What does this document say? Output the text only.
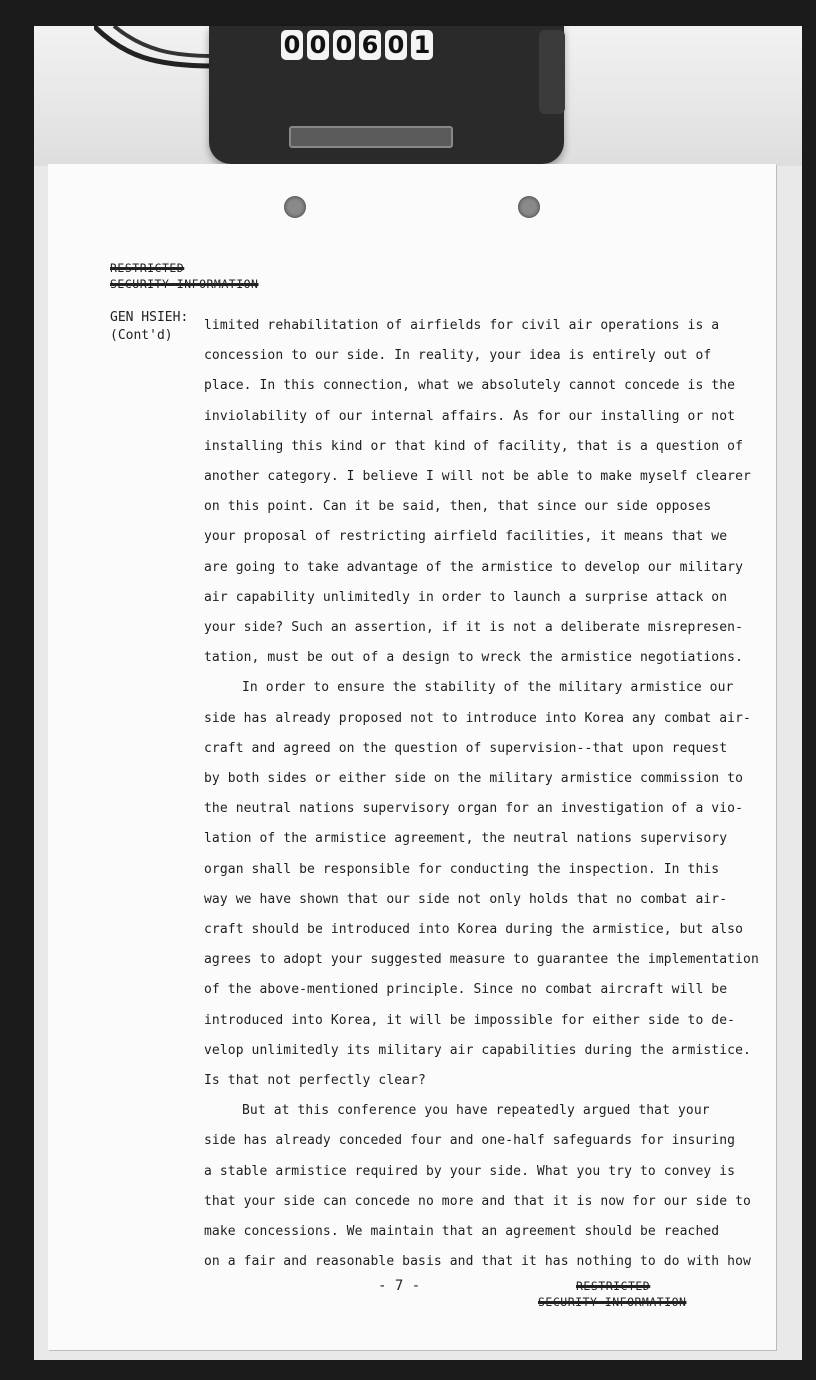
0 0 0 6 0 1
RESTRICTED
SECURITY INFORMATION
GEN HSIEH:
(Cont'd)

limited rehabilitation of airfields for civil air operations is a
concession to our side. In reality, your idea is entirely out of
place. In this connection, what we absolutely cannot concede is the
inviolability of our internal affairs. As for our installing or not
installing this kind or that kind of facility, that is a question of
another category. I believe I will not be able to make myself clearer
on this point. Can it be said, then, that since our side opposes
your proposal of restricting airfield facilities, it means that we
are going to take advantage of the armistice to develop our military
air capability unlimitedly in order to launch a surprise attack on
your side? Such an assertion, if it is not a deliberate misrepresen-
tation, must be out of a design to wreck the armistice negotiations.

In order to ensure the stability of the military armistice our
side has already proposed not to introduce into Korea any combat air-
craft and agreed on the question of supervision--that upon request
by both sides or either side on the military armistice commission to
the neutral nations supervisory organ for an investigation of a vio-
lation of the armistice agreement, the neutral nations supervisory
organ shall be responsible for conducting the inspection. In this
way we have shown that our side not only holds that no combat air-
craft should be introduced into Korea during the armistice, but also
agrees to adopt your suggested measure to guarantee the implementation
of the above-mentioned principle. Since no combat aircraft will be
introduced into Korea, it will be impossible for either side to de-
velop unlimitedly its military air capabilities during the armistice.
Is that not perfectly clear?

But at this conference you have repeatedly argued that your
side has already conceded four and one-half safeguards for insuring
a stable armistice required by your side. What you try to convey is
that your side can concede no more and that it is now for our side to
make concessions. We maintain that an agreement should be reached
on a fair and reasonable basis and that it has nothing to do with how

- 7 -	RESTRICTED
SECURITY INFORMATION
